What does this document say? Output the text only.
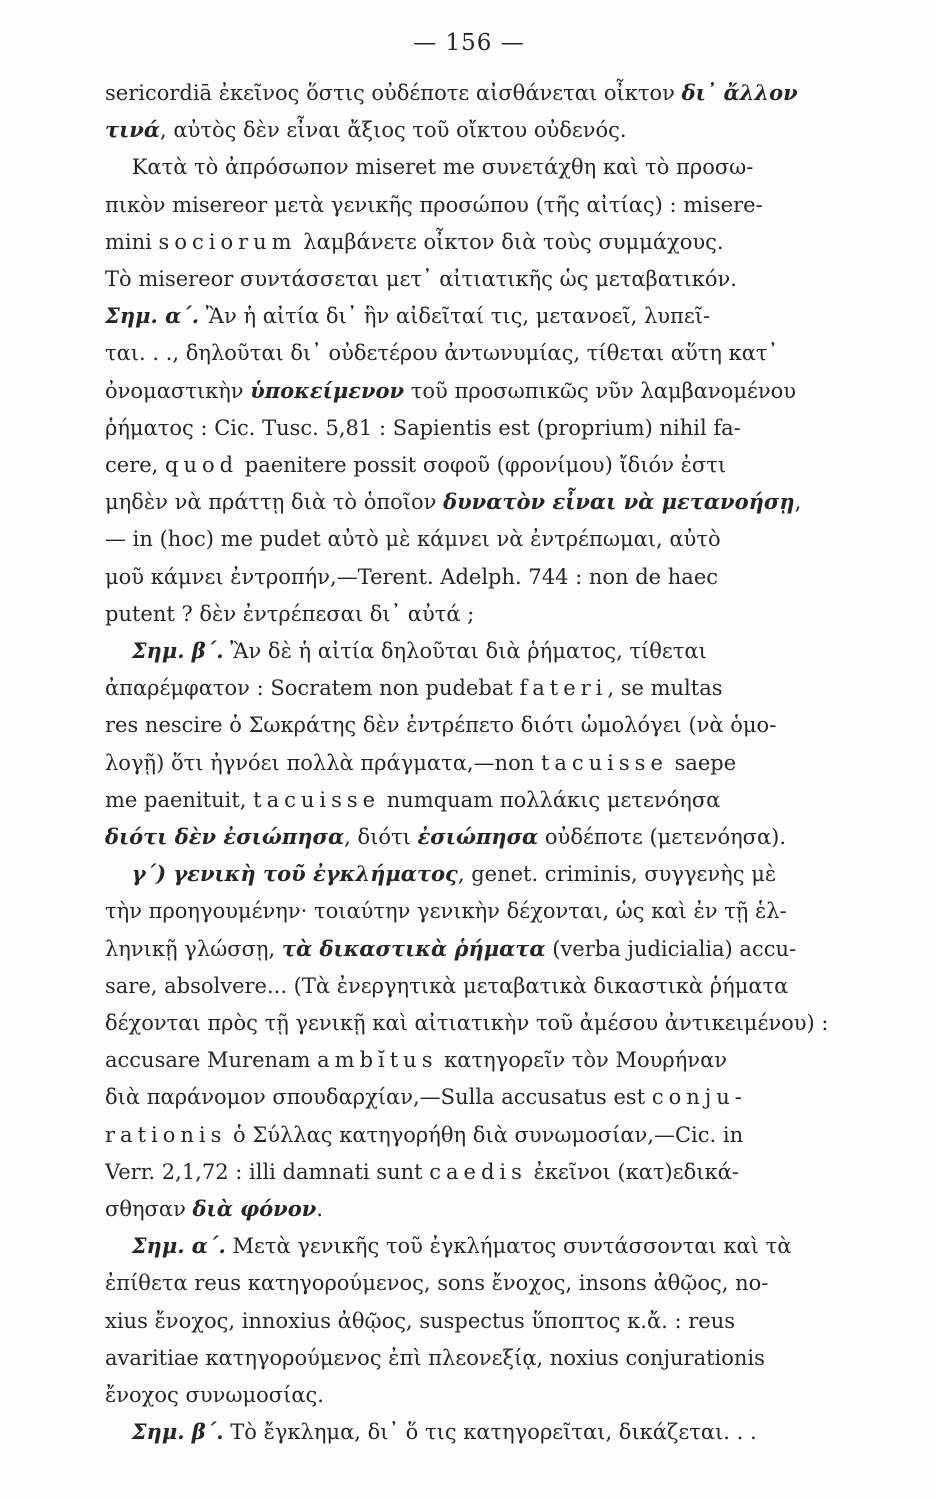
— 156 —
sericordiā ἐκεῖνος ὅστις οὐδέποτε αἰσθάνεται οἶκτον δι᾽ ἄλλον
τινά, αὐτὸς δὲν εἶναι ἄξιος τοῦ οἴκτου οὐδενός.
Κατὰ τὸ ἀπρόσωπον miseret me συνετάχθη καὶ τὸ προσω-
πικὸν misereor μετὰ γενικῆς προσώπου (τῆς αἰτίας) : misere-
mini sociorum λαμβάνετε οἶκτον διὰ τοὺς συμμάχους.
Τὸ misereor συντάσσεται μετ᾽ αἰτιατικῆς ὡς μεταβατικόν.
Σημ. α΄. Ἂν ἡ αἰτία δι᾽ ἣν αἰδεῖταί τις, μετανοεῖ, λυπεῖ-
ται. . ., δηλοῦται δι᾽ οὐδετέρου ἀντωνυμίας, τίθεται αὕτη κατ᾽
ὀνομαστικὴν ὑποκείμενον τοῦ προσωπικῶς νῦν λαμβανομένου
ῥήματος : Cic. Tusc. 5,81 : Sapientis est (proprium) nihil fa-
cere, quod paenitere possit σοφοῦ (φρονίμου) ἴδιόν ἐστι
μηδὲν νὰ πράττῃ διὰ τὸ ὁποῖον δυνατὸν εἶναι νὰ μετανοήσῃ,
— in (hoc) me pudet αὐτὸ μὲ κάμνει νὰ ἐντρέπωμαι, αὐτὸ
μοῦ κάμνει ἐντροπήν,—Terent. Adelph. 744 : non de haec
putent ? δὲν ἐντρέπεσαι δι᾽ αὐτά ;
Σημ. β΄. Ἂν δὲ ἡ αἰτία δηλοῦται διὰ ῥήματος, τίθεται
ἀπαρέμφατον : Socratem non pudebat fateri, se multas
res nescire ὁ Σωκράτης δὲν ἐντρέπετο διότι ὡμολόγει (νὰ ὁμο-
λογῇ) ὅτι ἠγνόει πολλὰ πράγματα,—non tacuisse saepe
me paenituit, tacuisse numquam πολλάκις μετενόησα
διότι δὲν ἐσιώπησα, διότι ἐσιώπησα οὐδέποτε (μετενόησα).
γ΄) γενικὴ τοῦ ἐγκλήματος, genet. criminis, συγγενὴς μὲ
τὴν προηγουμένην· τοιαύτην γενικὴν δέχονται, ὡς καὶ ἐν τῇ ἑλ-
ληνικῇ γλώσσῃ, τὰ δικαστικὰ ῥήματα (verba judicialia) accu-
sare, absolvere... (Τὰ ἐνεργητικὰ μεταβατικὰ δικαστικὰ ῥήματα
δέχονται πρὸς τῇ γενικῇ καὶ αἰτιατικὴν τοῦ ἀμέσου ἀντικειμένου) :
accusare Murenam ambĭtus κατηγορεῖν τὸν Μουρήναν
διὰ παράνομον σπουδαρχίαν,—Sulla accusatus est conju-
rationis ὁ Σύλλας κατηγορήθη διὰ συνωμοσίαν,—Cic. in
Verr. 2,1,72 : illi damnati sunt caedis ἐκεῖνοι (κατ)εδικά-
σθησαν διὰ φόνον.
Σημ. α΄. Μετὰ γενικῆς τοῦ ἐγκλήματος συντάσσονται καὶ τὰ
ἐπίθετα reus κατηγορούμενος, sons ἔνοχος, insons ἀθῷος, no-
xius ἔνοχος, innoxius ἀθῷος, suspectus ὕποπτος κ.ἄ. : reus
avaritiae κατηγορούμενος ἐπὶ πλεονεξίᾳ, noxius conjurationis
ἔνοχος συνωμοσίας.
Σημ. β΄. Τὸ ἔγκλημα, δι᾽ ὅ τις κατηγορεῖται, δικάζεται. . .
